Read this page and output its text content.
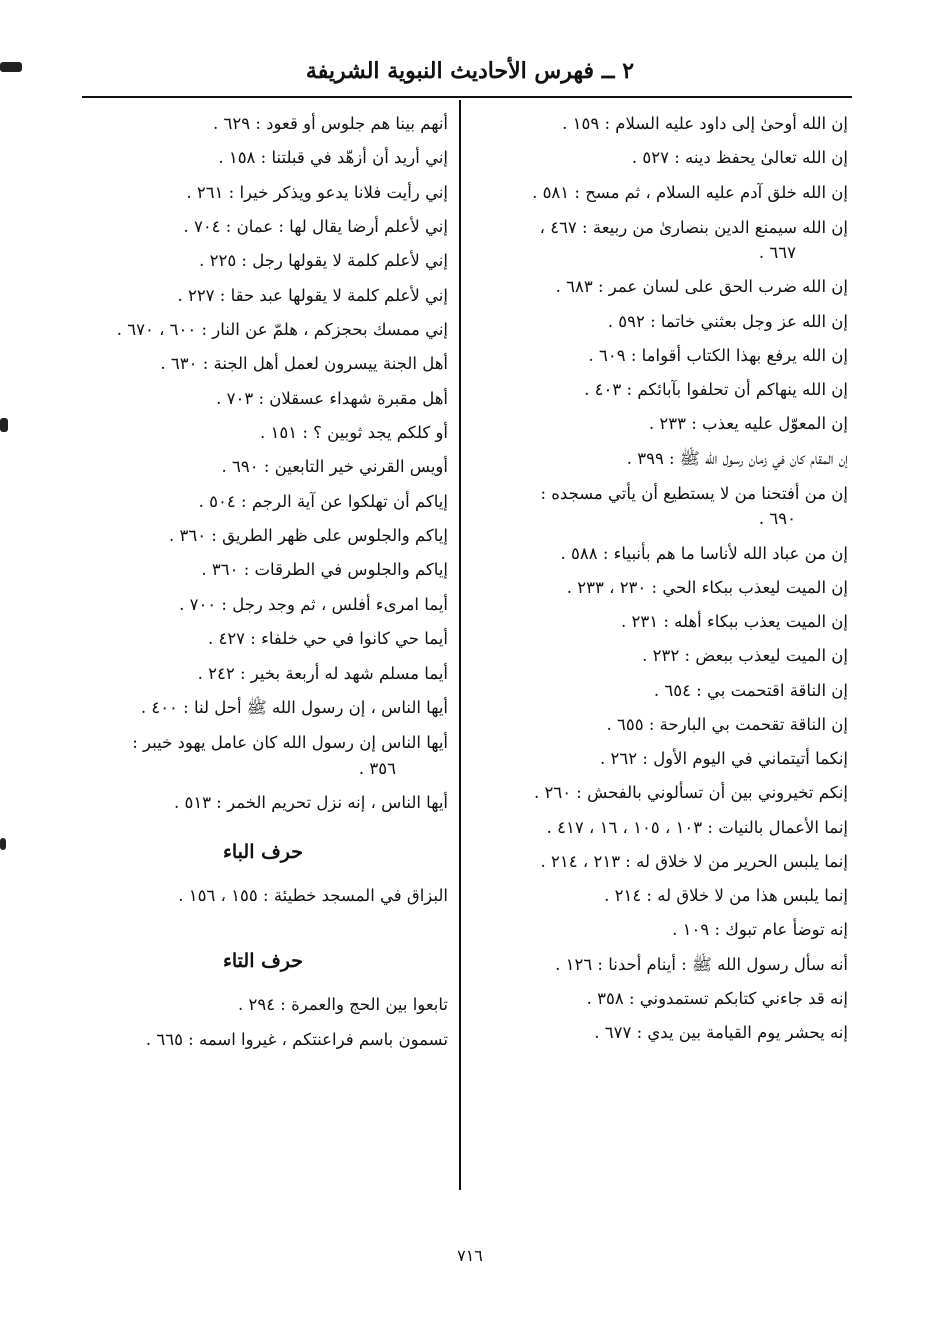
٢ ــ فهرس الأحاديث النبوية الشريفة
إن الله أوحىٰ إلى داود عليه السلام : ١٥٩ .
إن الله تعالىٰ يحفظ دينه : ٥٢٧ .
إن الله خلق آدم عليه السلام ، ثم مسح : ٥٨١ .
إن الله سيمنع الدين بنصارىٰ من ربيعة : ٤٦٧ ،
٦٦٧ .
إن الله ضرب الحق على لسان عمر : ٦٨٣ .
إن الله عز وجل بعثني خاتما : ٥٩٢ .
إن الله يرفع بهذا الكتاب أقواما : ٦٠٩ .
إن الله ينهاكم أن تحلفوا بآبائكم : ٤٠٣ .
إن المعوّل عليه يعذب : ٢٣٣ .
إن المقام كان في زمان رسول الله ﷺ : ٣٩٩ .
إن من أفتحنا من لا يستطيع أن يأتي مسجده :
٦٩٠ .
إن من عباد الله لأناسا ما هم بأنبياء : ٥٨٨ .
إن الميت ليعذب ببكاء الحي : ٢٣٠ ، ٢٣٣ .
إن الميت يعذب ببكاء أهله : ٢٣١ .
إن الميت ليعذب ببعض : ٢٣٢ .
إن الناقة اقتحمت بي : ٦٥٤ .
إن الناقة تقحمت بي البارحة : ٦٥٥ .
إنكما أتيتماني في اليوم الأول : ٢٦٢ .
إنكم تخيروني بين أن تسألوني بالفحش : ٢٦٠ .
إنما الأعمال بالنيات : ١٠٣ ، ١٠٥ ، ١٦ ، ٤١٧ .
إنما يلبس الحرير من لا خلاق له : ٢١٣ ، ٢١٤ .
إنما يلبس هذا من لا خلاق له : ٢١٤ .
إنه توضأ عام تبوك : ١٠٩ .
أنه سأل رسول الله ﷺ : أينام أحدنا : ١٢٦ .
إنه قد جاءني كتابكم تستمدوني : ٣٥٨ .
إنه يحشر يوم القيامة بين يدي : ٦٧٧ .
أنهم بينا هم جلوس أو قعود : ٦٢٩ .
إني أريد أن أزهّد في قبلتنا : ١٥٨ .
إني رأيت فلانا يدعو ويذكر خيرا : ٢٦١ .
إني لأعلم أرضا يقال لها : عمان : ٧٠٤ .
إني لأعلم كلمة لا يقولها رجل : ٢٢٥ .
إني لأعلم كلمة لا يقولها عبد حقا : ٢٢٧ .
إني ممسك بحجزكم ، هلمّ عن النار : ٦٠٠ ، ٦٧٠ .
أهل الجنة ييسرون لعمل أهل الجنة : ٦٣٠ .
أهل مقبرة شهداء عسقلان : ٧٠٣ .
أو كلكم يجد ثوبين ؟ : ١٥١ .
أويس القرني خير التابعين : ٦٩٠ .
إياكم أن تهلكوا عن آية الرجم : ٥٠٤ .
إياكم والجلوس على ظهر الطريق : ٣٦٠ .
إياكم والجلوس في الطرقات : ٣٦٠ .
أيما امرىء أفلس ، ثم وجد رجل : ٧٠٠ .
أيما حي كانوا في حي خلفاء : ٤٢٧ .
أيما مسلم شهد له أربعة بخير : ٢٤٢ .
أيها الناس ، إن رسول الله ﷺ أحل لنا : ٤٠٠ .
أيها الناس إن رسول الله كان عامل يهود خيبر :
٣٥٦ .
أيها الناس ، إنه نزل تحريم الخمر : ٥١٣ .
حرف الباء
البزاق في المسجد خطيئة : ١٥٥ ، ١٥٦ .
حرف التاء
تابعوا بين الحج والعمرة : ٢٩٤ .
تسمون باسم فراعنتكم ، غيروا اسمه : ٦٦٥ .
٧١٦
